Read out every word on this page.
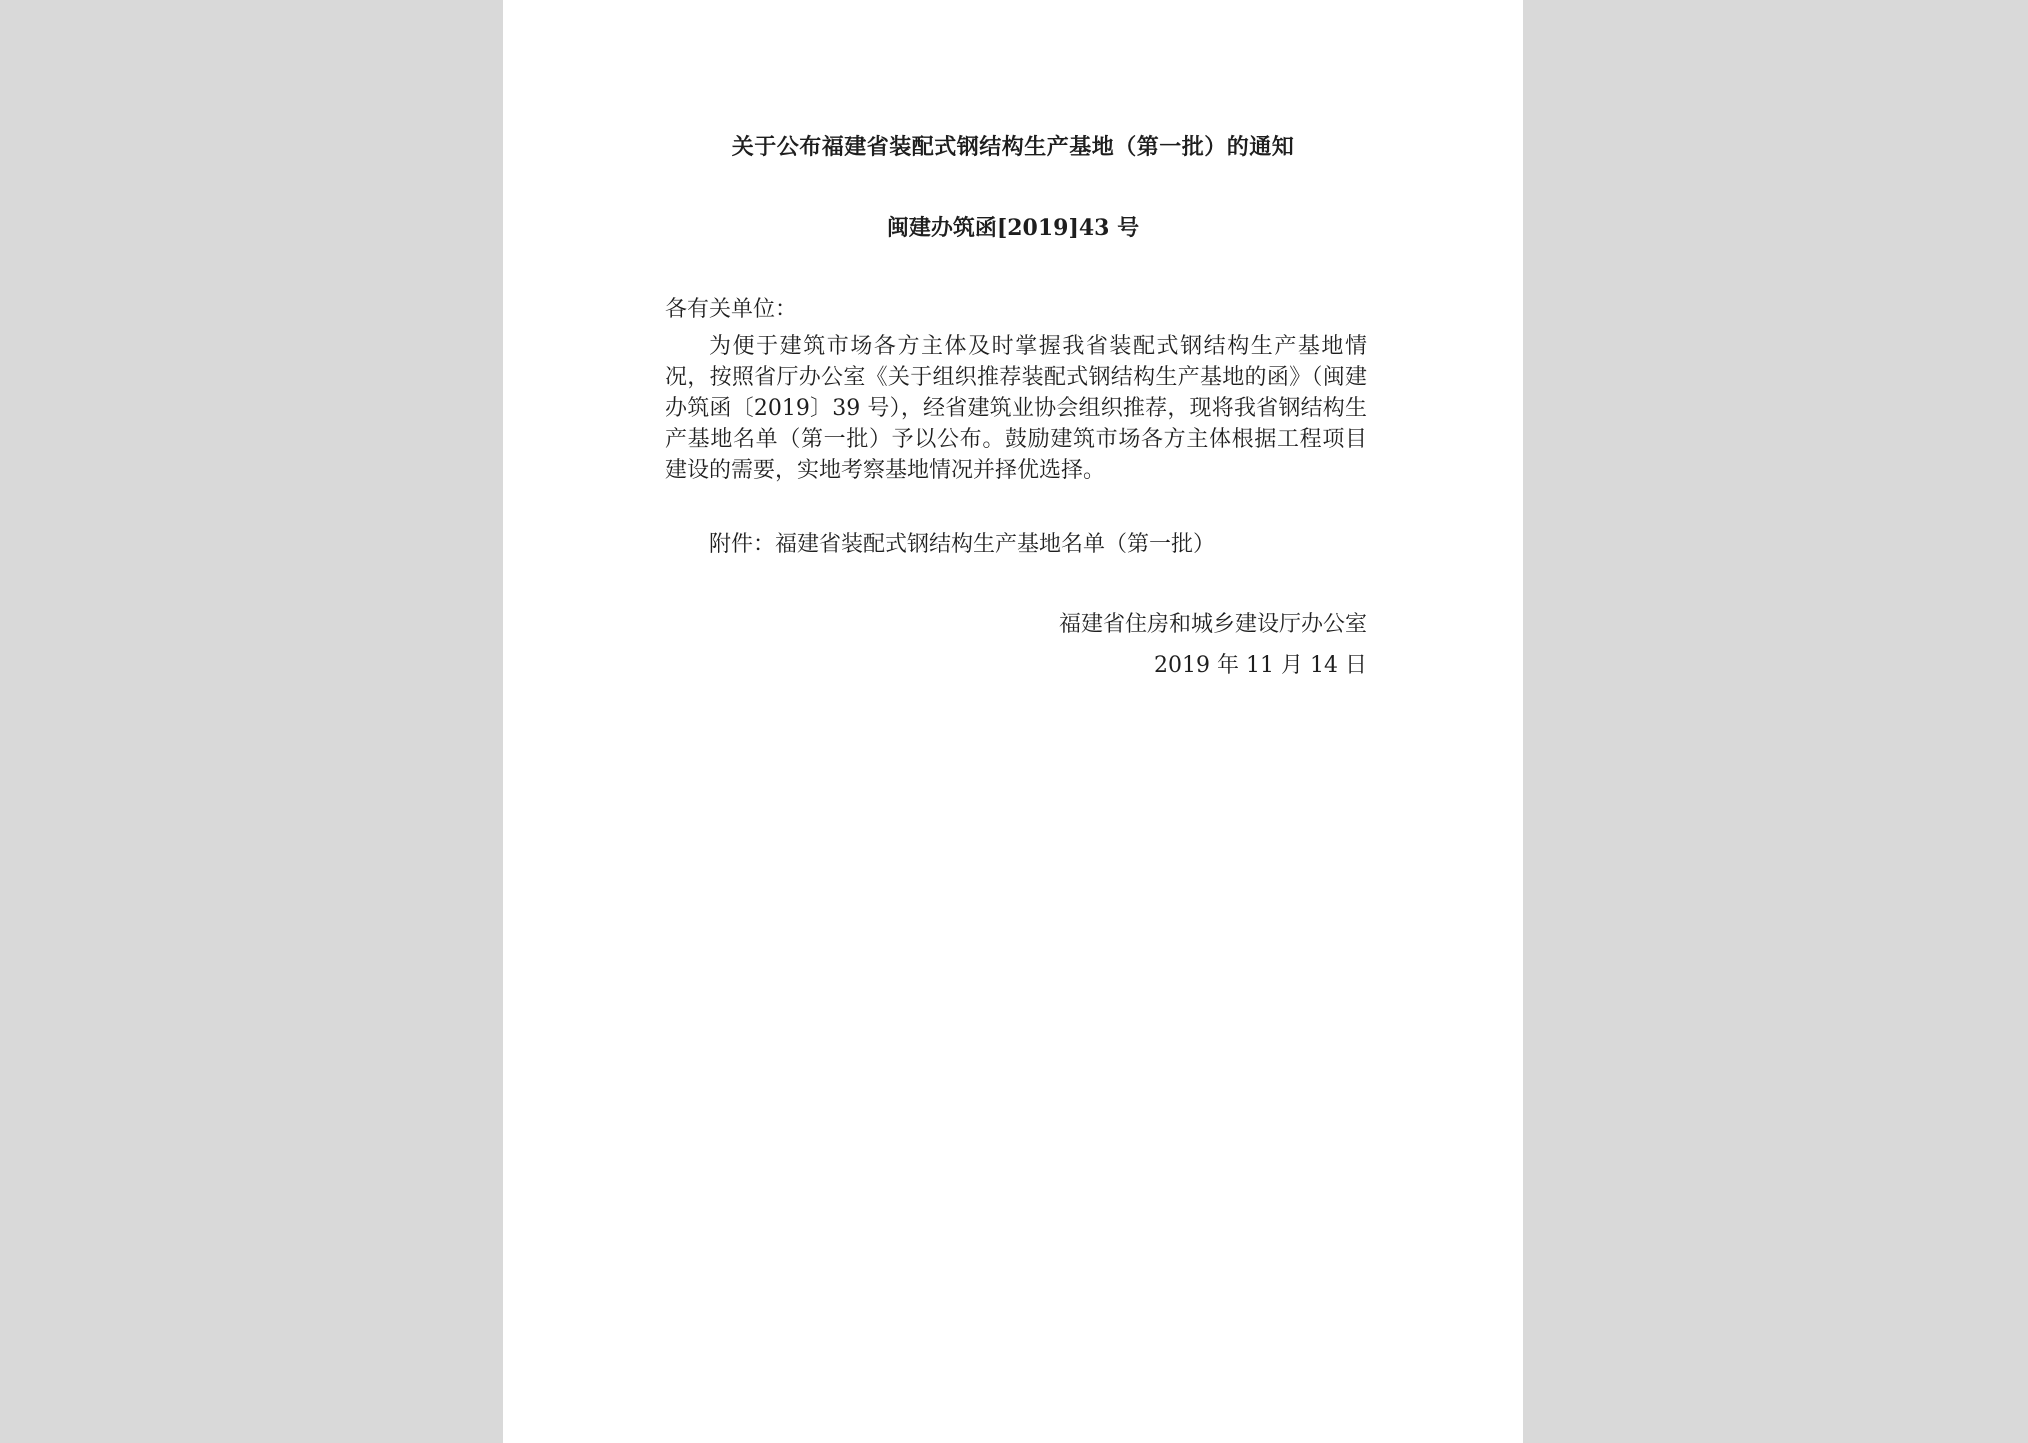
关于公布福建省装配式钢结构生产基地（第一批）的通知
闽建办筑函[2019]43 号
各有关单位：

为便于建筑市场各方主体及时掌握我省装配式钢结构生产基地情况，按照省厅办公室《关于组织推荐装配式钢结构生产基地的函》（闽建办筑函〔2019〕39 号），经省建筑业协会组织推荐，现将我省钢结构生产基地名单（第一批）予以公布。鼓励建筑市场各方主体根据工程项目建设的需要，实地考察基地情况并择优选择。

附件：福建省装配式钢结构生产基地名单（第一批）

福建省住房和城乡建设厅办公室
2019 年 11 月 14 日
